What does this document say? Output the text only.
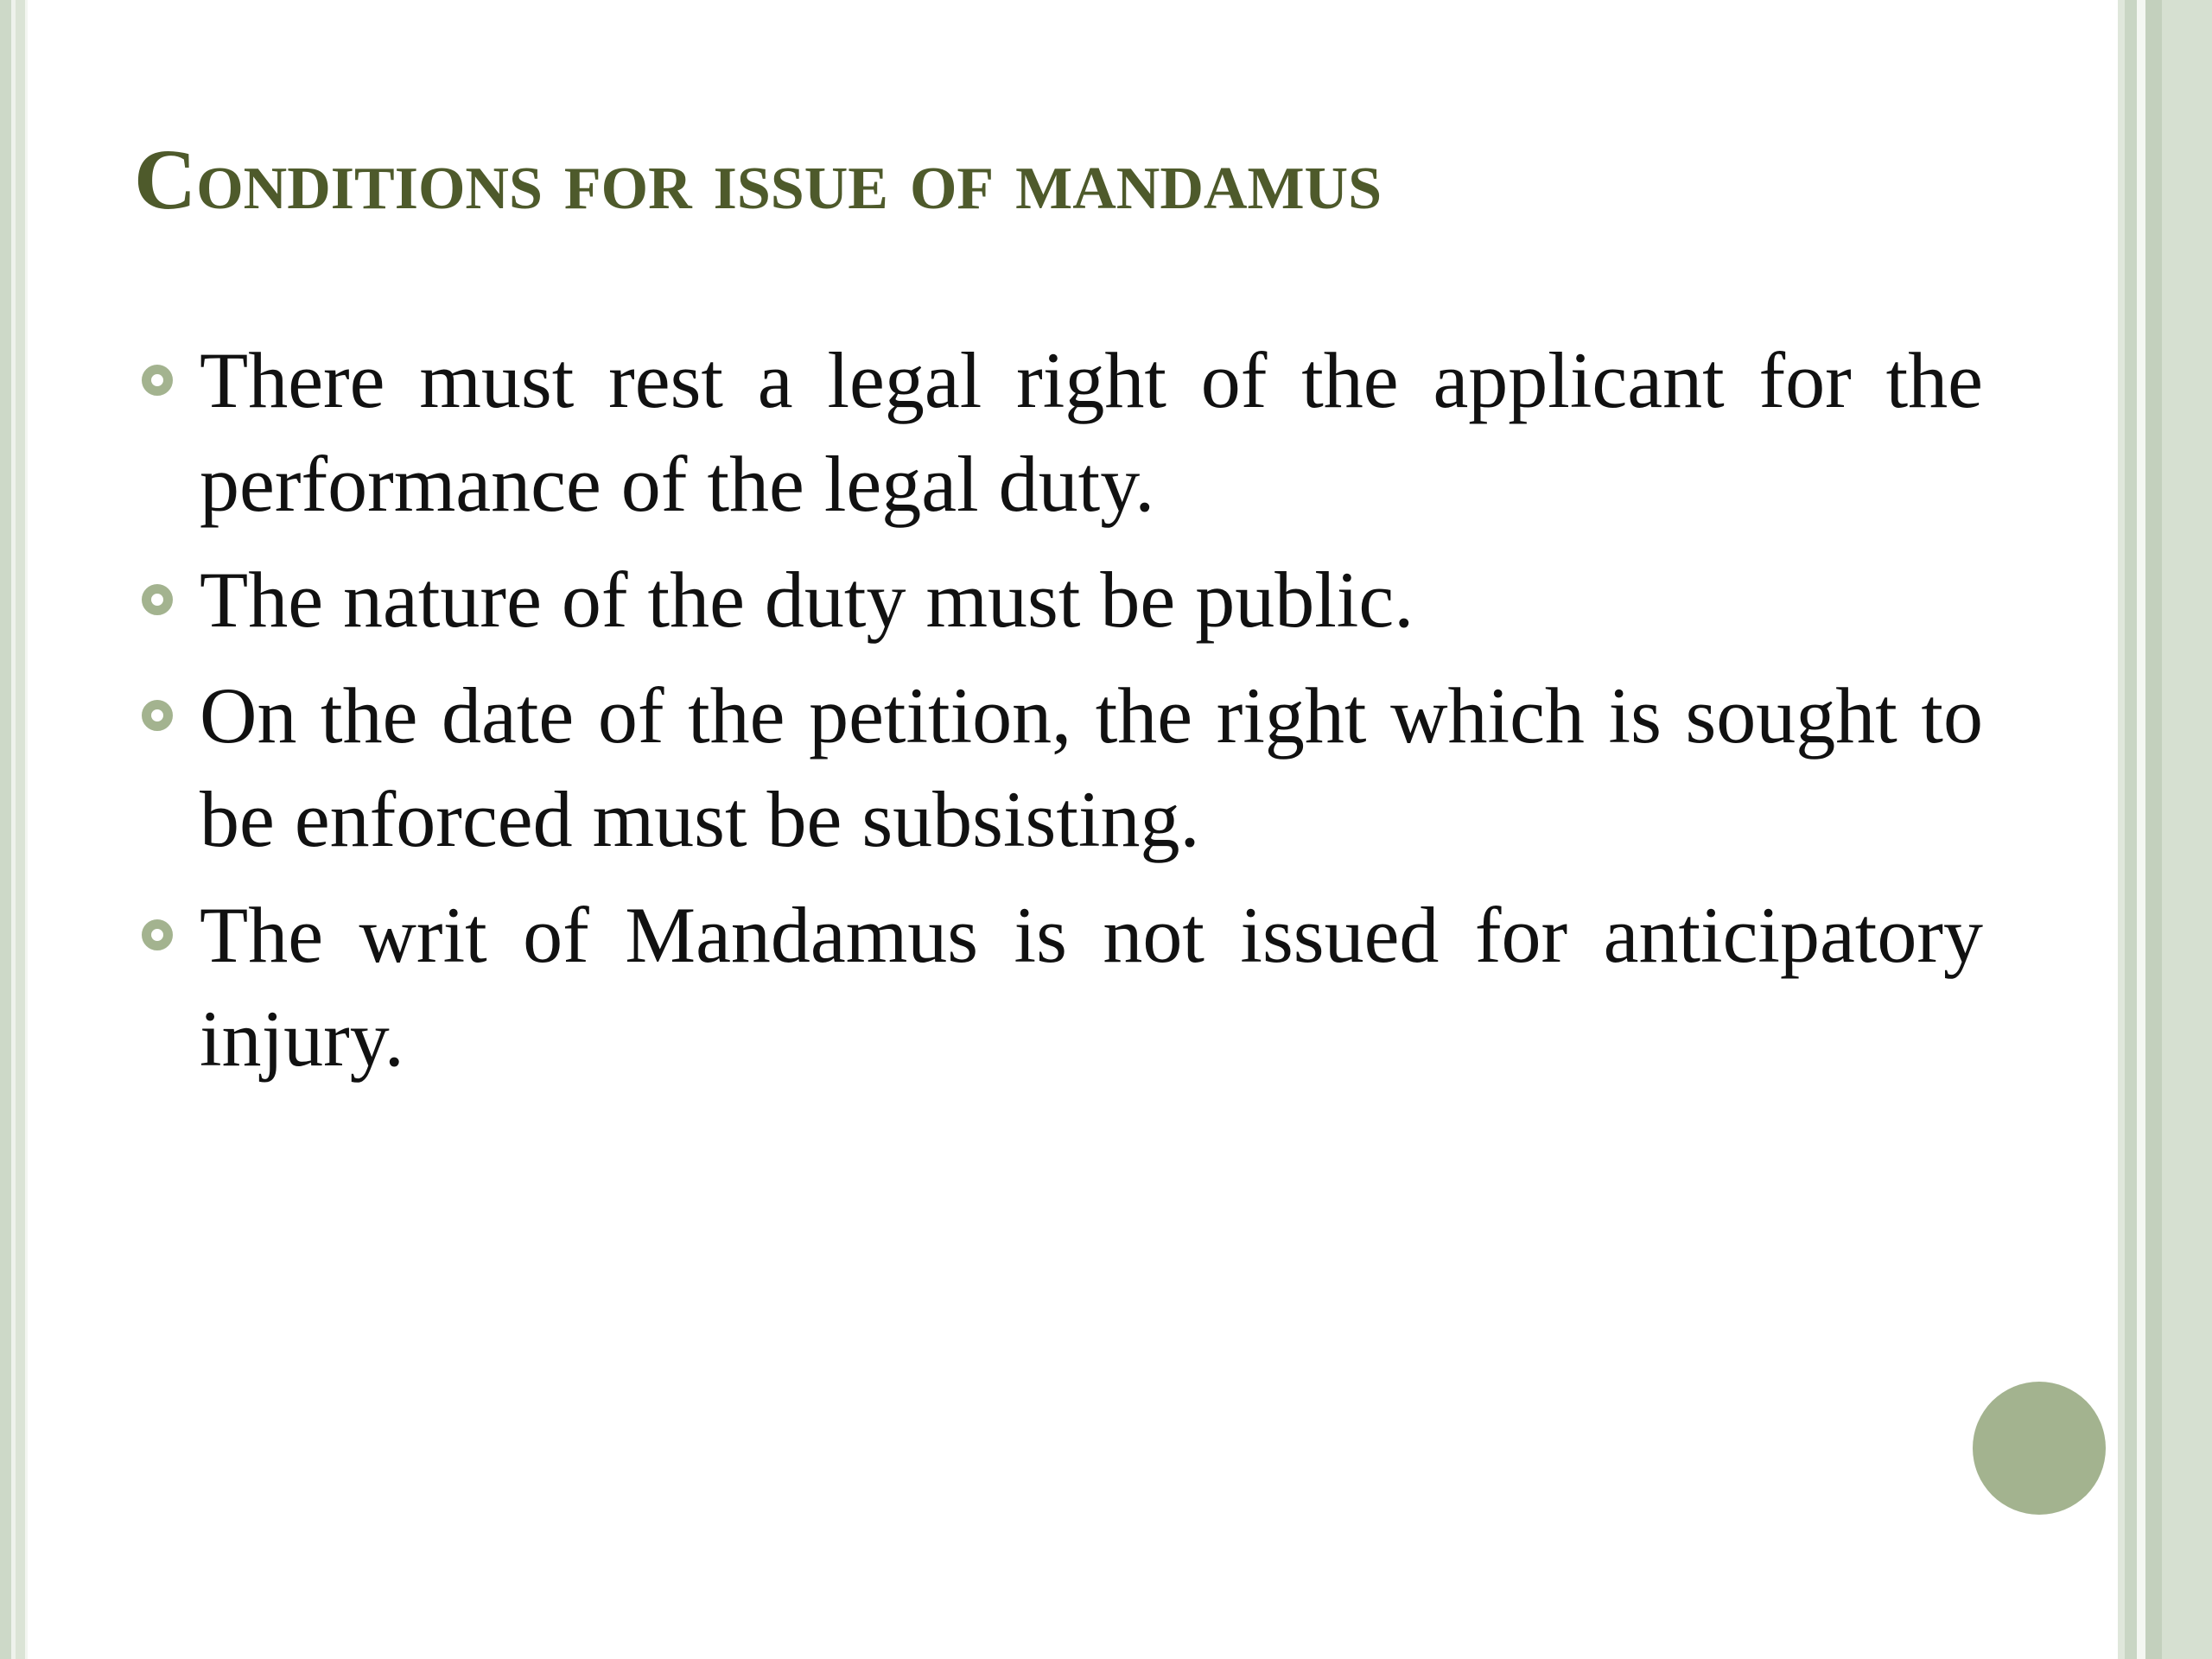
Conditions for issue of mandamus
There must rest a legal right of the applicant for the performance of the legal duty.
The nature of the duty must be public.
On the date of the petition, the right which is sought to be enforced must be subsisting.
The writ of Mandamus is not issued for anticipatory injury.
